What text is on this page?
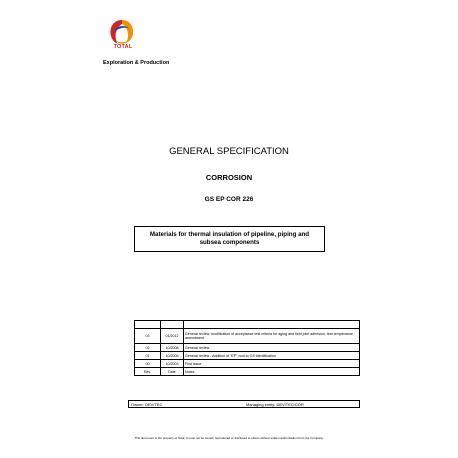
TOTAL
Exploration & Production
GENERAL SPECIFICATION
CORROSION
GS EP COR 226
Materials for thermal insulation of pipeline, piping and subsea components

03	01/2012	General review, modification of acceptance test criteria for aging and field joint adhesion, test temperature amendment
02	10/2008	General review
01	10/2005	General review - Addition of "EP" root to GS identification
00	10/2003	First issue
Rev.	Date	Notes
Owner: DEV/TEC	Managing entity: DEV/TEC/COR
This document is the property of Total. It must not be stored, reproduced or disclosed to others without written authorisation from the Company.
